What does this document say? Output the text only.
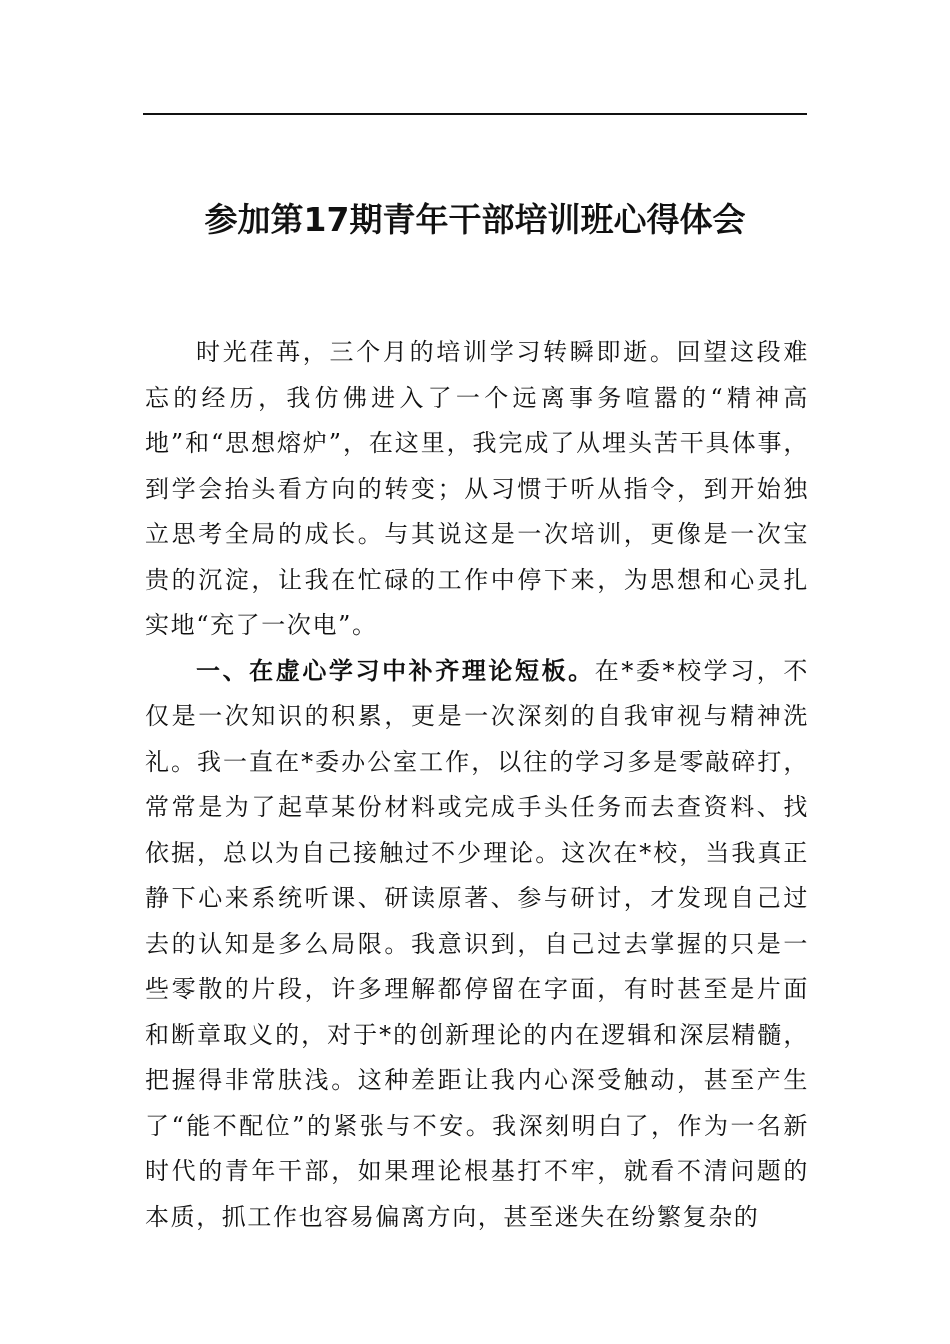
参加第17期青年干部培训班心得体会

时光荏苒，三个月的培训学习转瞬即逝。回望这段难忘的经历，我仿佛进入了一个远离事务喧嚣的“精神高地”和“思想熔炉”，在这里，我完成了从埋头苦干具体事，到学会抬头看方向的转变；从习惯于听从指令，到开始独立思考全局的成长。与其说这是一次培训，更像是一次宝贵的沉淀，让我在忙碌的工作中停下来，为思想和心灵扎实地“充了一次电”。

一、在虚心学习中补齐理论短板。在*委*校学习，不仅是一次知识的积累，更是一次深刻的自我审视与精神洗礼。我一直在*委办公室工作，以往的学习多是零敲碎打，常常是为了起草某份材料或完成手头任务而去查资料、找依据，总以为自己接触过不少理论。这次在*校，当我真正静下心来系统听课、研读原著、参与研讨，才发现自己过去的认知是多么局限。我意识到，自己过去掌握的只是一些零散的片段，许多理解都停留在字面，有时甚至是片面和断章取义的，对于*的创新理论的内在逻辑和深层精髓，把握得非常肤浅。这种差距让我内心深受触动，甚至产生了“能不配位”的紧张与不安。我深刻明白了，作为一名新时代的青年干部，如果理论根基打不牢，就看不清问题的本质，抓工作也容易偏离方向，甚至迷失在纷繁复杂的
